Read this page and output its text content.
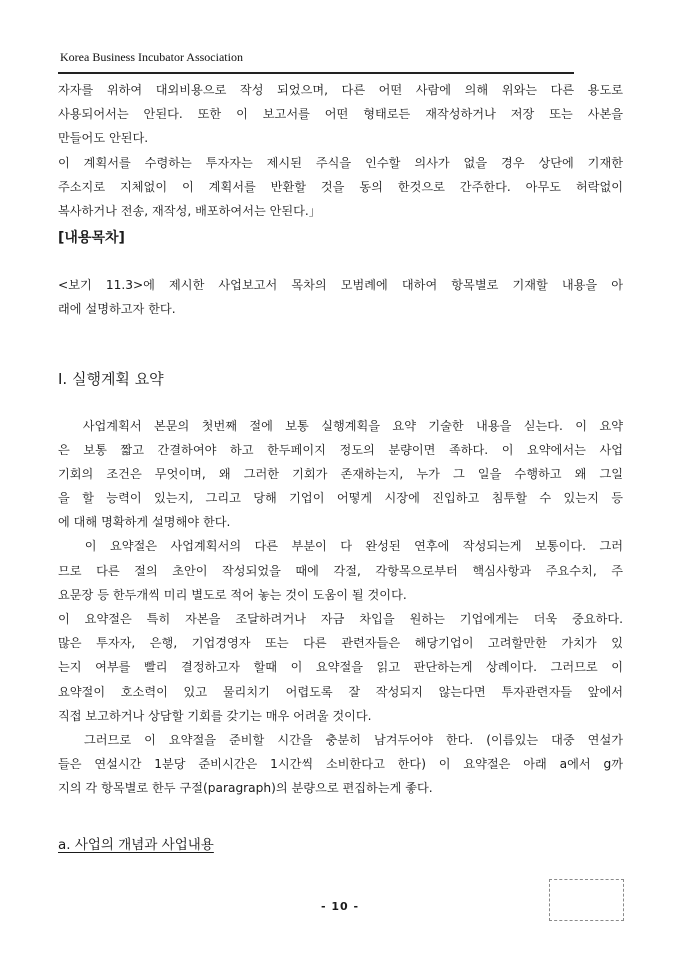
Korea Business Incubator Association
자자를 위하여 대외비용으로 작성 되었으며, 다른 어떤 사람에 의해 위와는 다른 용도로
사용되어서는 안된다. 또한 이 보고서를 어떤 형태로든 재작성하거나 저장 또는 사본을
만들어도 안된다.
이 계획서를 수령하는 투자자는 제시된 주식을 인수할 의사가 없을 경우 상단에 기재한
주소지로 지체없이 이 계획서를 반환할 것을 동의 한것으로 간주한다. 아무도 허락없이
복사하거나 전송, 재작성, 배포하여서는 안된다.」
[내용목차]
<보기 11.3>에 제시한 사업보고서 목차의 모범례에 대하여 항목별로 기재할 내용을 아
래에 설명하고자 한다.
Ⅰ. 실행계획 요약
사업계획서 본문의 첫번째 절에 보통 실행계획을 요약 기술한 내용을 싣는다. 이 요약
은 보통 짧고 간결하여야 하고 한두페이지 정도의 분량이면 족하다. 이 요약에서는 사업
기회의 조건은 무엇이며, 왜 그러한 기회가 존재하는지, 누가 그 일을 수행하고 왜 그일
을 할 능력이 있는지, 그리고 당해 기업이 어떻게 시장에 진입하고 침투할 수 있는지 등
에 대해 명확하게 설명해야 한다.
이 요약절은 사업계획서의 다른 부분이 다 완성된 연후에 작성되는게 보통이다. 그러
므로 다른 절의 초안이 작성되었을 때에 각절, 각항목으로부터 핵심사항과 주요수치, 주
요문장 등 한두개씩 미리 별도로 적어 놓는 것이 도움이 될 것이다.
이 요약절은 특히 자본을 조달하려거나 자금 차입을 원하는 기업에게는 더욱 중요하다.
많은 투자자, 은행, 기업경영자 또는 다른 관련자들은 해당기업이 고려할만한 가치가 있
는지 여부를 빨리 결정하고자 할때 이 요약절을 읽고 판단하는게 상례이다. 그러므로 이
요약절이 호소력이 있고 물리치기 어렵도록 잘 작성되지 않는다면 투자관련자들 앞에서
직접 보고하거나 상담할 기회를 갖기는 매우 어려울 것이다.
그러므로 이 요약절을 준비할 시간을 충분히 남겨두어야 한다. (이름있는 대중 연설가
들은 연설시간 1분당 준비시간은 1시간씩 소비한다고 한다) 이 요약절은 아래 a에서 g까
지의 각 항목별로 한두 구절(paragraph)의 분량으로 편집하는게 좋다.
a. 사업의 개념과 사업내용
- 10 -
